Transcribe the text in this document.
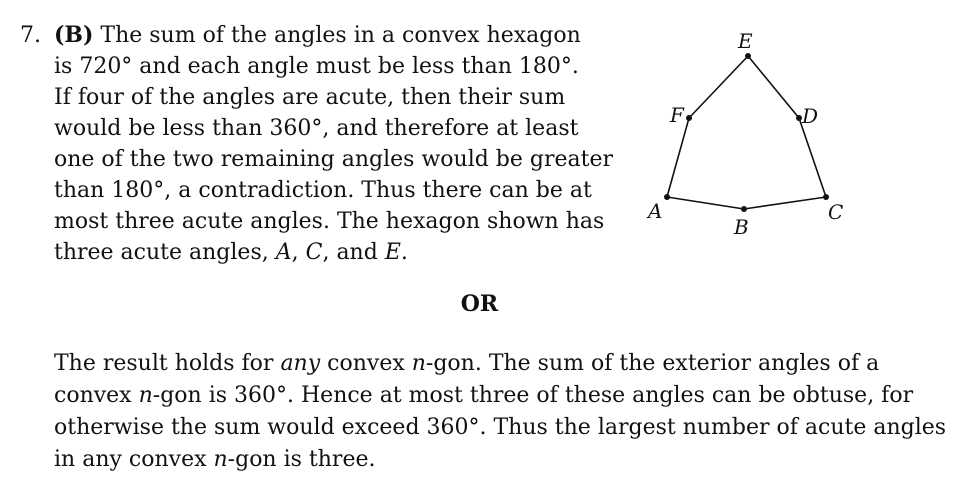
7. (B) The sum of the angles in a convex hexagon
is 720° and each angle must be less than 180°.
If four of the angles are acute, then their sum
would be less than 360°, and therefore at least
one of the two remaining angles would be greater
than 180°, a contradiction. Thus there can be at
most three acute angles. The hexagon shown has
three acute angles, A, C, and E.
E
F	D
A
B
C
OR
The result holds for any convex n-gon. The sum of the exterior angles of a
convex n-gon is 360°. Hence at most three of these angles can be obtuse, for
otherwise the sum would exceed 360°. Thus the largest number of acute angles
in any convex n-gon is three.
